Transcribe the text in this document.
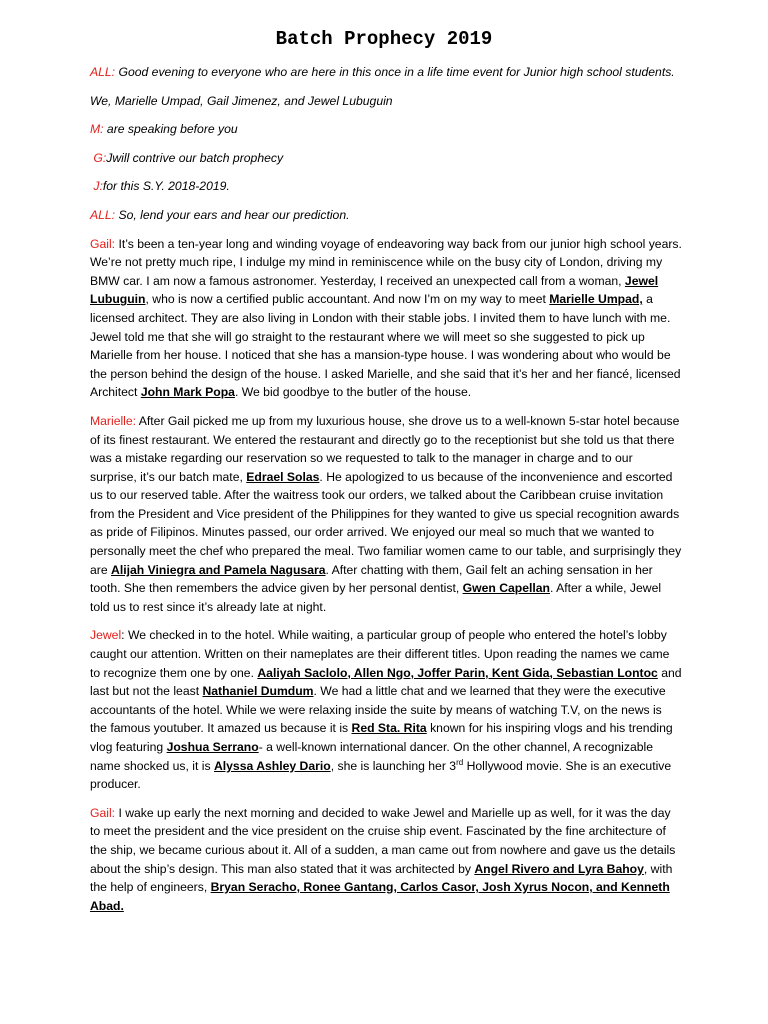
Batch Prophecy 2019

ALL: Good evening to everyone who are here in this once in a life time event for Junior high school students.

We, Marielle Umpad, Gail Jimenez, and Jewel Lubuguin

M: are speaking before you

G:Jwill contrive our batch prophecy

J:for this S.Y. 2018-2019.

ALL: So, lend your ears and hear our prediction.

Gail: It’s been a ten-year long and winding voyage of endeavoring way back from our junior high school years. We’re not pretty much ripe, I indulge my mind in reminiscence while on the busy city of London, driving my BMW car. I am now a famous astronomer. Yesterday, I received an unexpected call from a woman, Jewel Lubuguin, who is now a certified public accountant. And now I’m on my way to meet Marielle Umpad, a licensed architect. They are also living in London with their stable jobs. I invited them to have lunch with me. Jewel told me that she will go straight to the restaurant where we will meet so she suggested to pick up Marielle from her house. I noticed that she has a mansion-type house. I was wondering about who would be the person behind the design of the house. I asked Marielle, and she said that it’s her and her fiancé, licensed Architect John Mark Popa. We bid goodbye to the butler of the house.

Marielle: After Gail picked me up from my luxurious house, she drove us to a well-known 5-star hotel because of its finest restaurant. We entered the restaurant and directly go to the receptionist but she told us that there was a mistake regarding our reservation so we requested to talk to the manager in charge and to our surprise, it’s our batch mate, Edrael Solas. He apologized to us because of the inconvenience and escorted us to our reserved table. After the waitress took our orders, we talked about the Caribbean cruise invitation from the President and Vice president of the Philippines for they wanted to give us special recognition awards as pride of Filipinos. Minutes passed, our order arrived. We enjoyed our meal so much that we wanted to personally meet the chef who prepared the meal. Two familiar women came to our table, and surprisingly they are Alijah Viniegra and Pamela Nagusara. After chatting with them, Gail felt an aching sensation in her tooth. She then remembers the advice given by her personal dentist, Gwen Capellan. After a while, Jewel told us to rest since it’s already late at night.

Jewel: We checked in to the hotel. While waiting, a particular group of people who entered the hotel’s lobby caught our attention. Written on their nameplates are their different titles. Upon reading the names we came to recognize them one by one. Aaliyah Saclolo, Allen Ngo, Joffer Parin, Kent Gida, Sebastian Lontoc and last but not the least Nathaniel Dumdum. We had a little chat and we learned that they were the executive accountants of the hotel. While we were relaxing inside the suite by means of watching T.V, on the news is the famous youtuber. It amazed us because it is Red Sta. Rita known for his inspiring vlogs and his trending vlog featuring Joshua Serrano- a well-known international dancer. On the other channel, A recognizable name shocked us, it is Alyssa Ashley Dario, she is launching her 3rd Hollywood movie. She is an executive producer.

Gail: I wake up early the next morning and decided to wake Jewel and Marielle up as well, for it was the day to meet the president and the vice president on the cruise ship event. Fascinated by the fine architecture of the ship, we became curious about it. All of a sudden, a man came out from nowhere and gave us the details about the ship’s design. This man also stated that it was architected by Angel Rivero and Lyra Bahoy, with the help of engineers, Bryan Seracho, Ronee Gantang, Carlos Casor, Josh Xyrus Nocon, and Kenneth Abad.
